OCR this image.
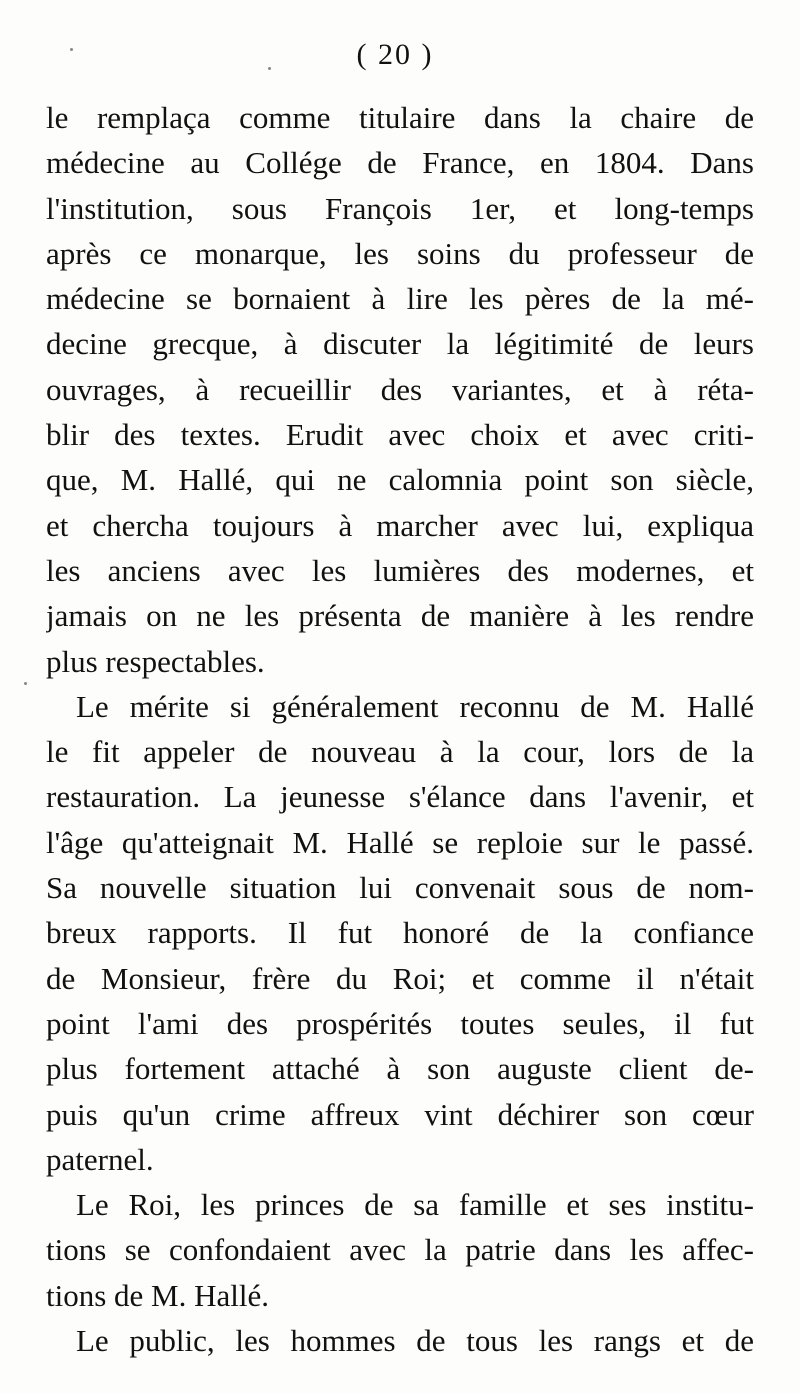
( 20 )
le remplaça comme titulaire dans la chaire de
médecine au Collége de France, en 1804. Dans
l'institution, sous François 1er, et long-temps
après ce monarque, les soins du professeur de
médecine se bornaient à lire les pères de la mé-
decine grecque, à discuter la légitimité de leurs
ouvrages, à recueillir des variantes, et à réta-
blir des textes. Erudit avec choix et avec criti-
que, M. Hallé, qui ne calomnia point son siècle,
et chercha toujours à marcher avec lui, expliqua
les anciens avec les lumières des modernes, et
jamais on ne les présenta de manière à les rendre
plus respectables.
Le mérite si généralement reconnu de M. Hallé
le fit appeler de nouveau à la cour, lors de la
restauration. La jeunesse s'élance dans l'avenir, et
l'âge qu'atteignait M. Hallé se reploie sur le passé.
Sa nouvelle situation lui convenait sous de nom-
breux rapports. Il fut honoré de la confiance
de Monsieur, frère du Roi; et comme il n'était
point l'ami des prospérités toutes seules, il fut
plus fortement attaché à son auguste client de-
puis qu'un crime affreux vint déchirer son cœur
paternel.
Le Roi, les princes de sa famille et ses institu-
tions se confondaient avec la patrie dans les affec-
tions de M. Hallé.
Le public, les hommes de tous les rangs et de
